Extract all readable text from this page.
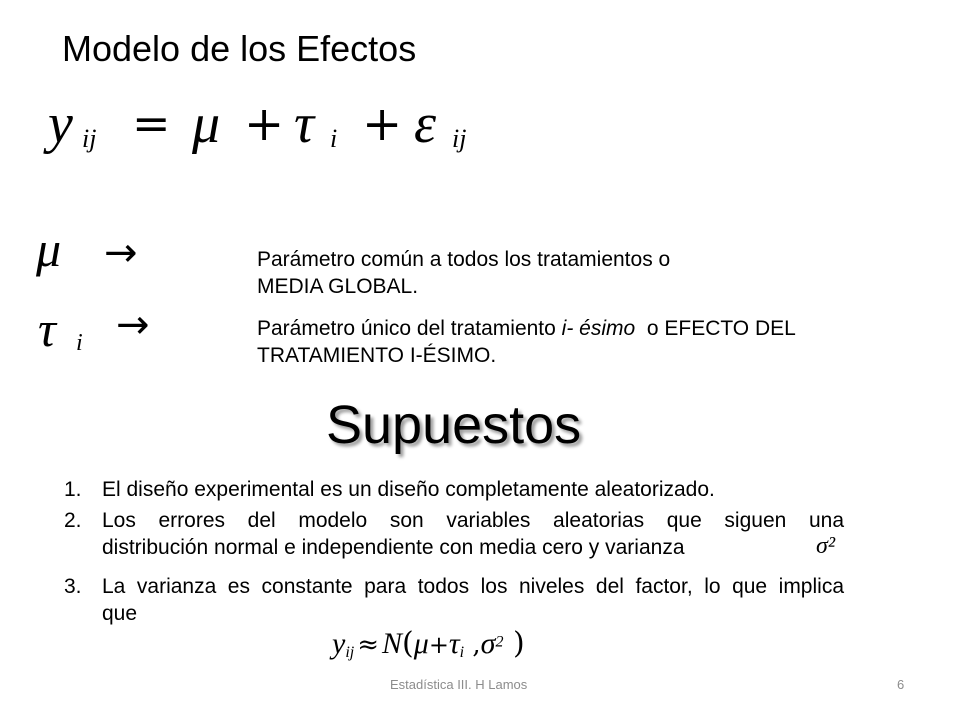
Modelo de los Efectos
y ij = μ + τ i + ε ij
μ →	Parámetro común a todos los tratamientos o
MEDIA GLOBAL.
τ i →	Parámetro único del tratamiento i- ésimo  o EFECTO DEL
TRATAMIENTO I-ÉSIMO.
Supuestos
1. El diseño experimental es un diseño completamente aleatorizado.
2. Los errores del modelo son variables aleatorias que siguen una
distribución normal e independiente con media cero y varianza	σ²
3. La varianza es constante para todos los niveles del factor, lo que implica
que
$y_{ij} \approx N(\mu+\tau_i$ $,\sigma^2$ )
Estadística III. H Lamos	6
